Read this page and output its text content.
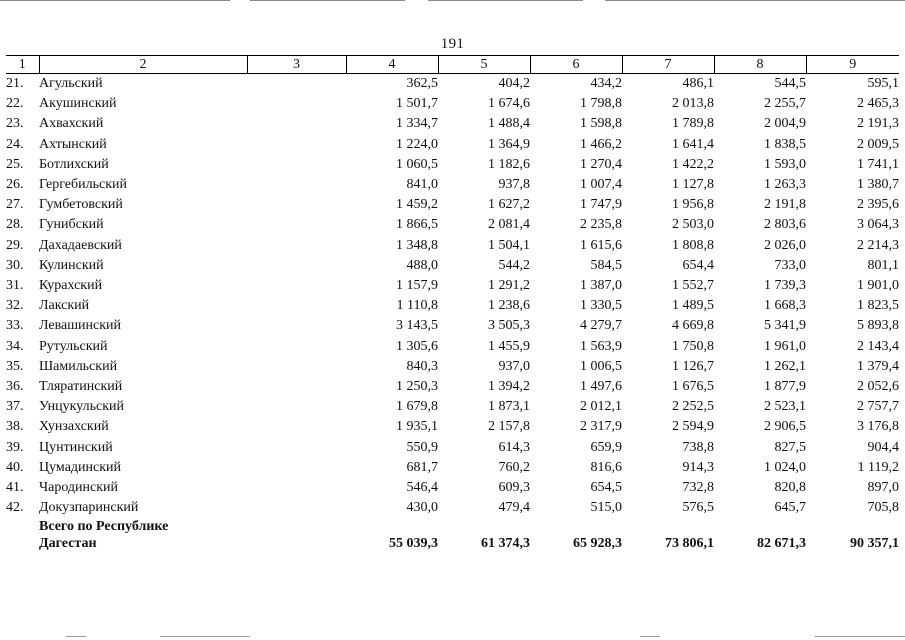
191
1	2	3	4	5	6	7	8	9
21.	Агульский		362,5	404,2	434,2	486,1	544,5	595,1
22.	Акушинский		1 501,7	1 674,6	1 798,8	2 013,8	2 255,7	2 465,3
23.	Ахвахский		1 334,7	1 488,4	1 598,8	1 789,8	2 004,9	2 191,3
24.	Ахтынский		1 224,0	1 364,9	1 466,2	1 641,4	1 838,5	2 009,5
25.	Ботлихский		1 060,5	1 182,6	1 270,4	1 422,2	1 593,0	1 741,1
26.	Гергебильский		841,0	937,8	1 007,4	1 127,8	1 263,3	1 380,7
27.	Гумбетовский		1 459,2	1 627,2	1 747,9	1 956,8	2 191,8	2 395,6
28.	Гунибский		1 866,5	2 081,4	2 235,8	2 503,0	2 803,6	3 064,3
29.	Дахадаевский		1 348,8	1 504,1	1 615,6	1 808,8	2 026,0	2 214,3
30.	Кулинский		488,0	544,2	584,5	654,4	733,0	801,1
31.	Курахский		1 157,9	1 291,2	1 387,0	1 552,7	1 739,3	1 901,0
32.	Лакский		1 110,8	1 238,6	1 330,5	1 489,5	1 668,3	1 823,5
33.	Левашинский		3 143,5	3 505,3	4 279,7	4 669,8	5 341,9	5 893,8
34.	Рутульский		1 305,6	1 455,9	1 563,9	1 750,8	1 961,0	2 143,4
35.	Шамильский		840,3	937,0	1 006,5	1 126,7	1 262,1	1 379,4
36.	Тляратинский		1 250,3	1 394,2	1 497,6	1 676,5	1 877,9	2 052,6
37.	Унцукульский		1 679,8	1 873,1	2 012,1	2 252,5	2 523,1	2 757,7
38.	Хунзахский		1 935,1	2 157,8	2 317,9	2 594,9	2 906,5	3 176,8
39.	Цунтинский		550,9	614,3	659,9	738,8	827,5	904,4
40.	Цумадинский		681,7	760,2	816,6	914,3	1 024,0	1 119,2
41.	Чародинский		546,4	609,3	654,5	732,8	820,8	897,0
42.	Докузпаринский		430,0	479,4	515,0	576,5	645,7	705,8

	Всего по Республике
Дагестан		55 039,3	61 374,3	65 928,3	73 806,1	82 671,3	90 357,1
